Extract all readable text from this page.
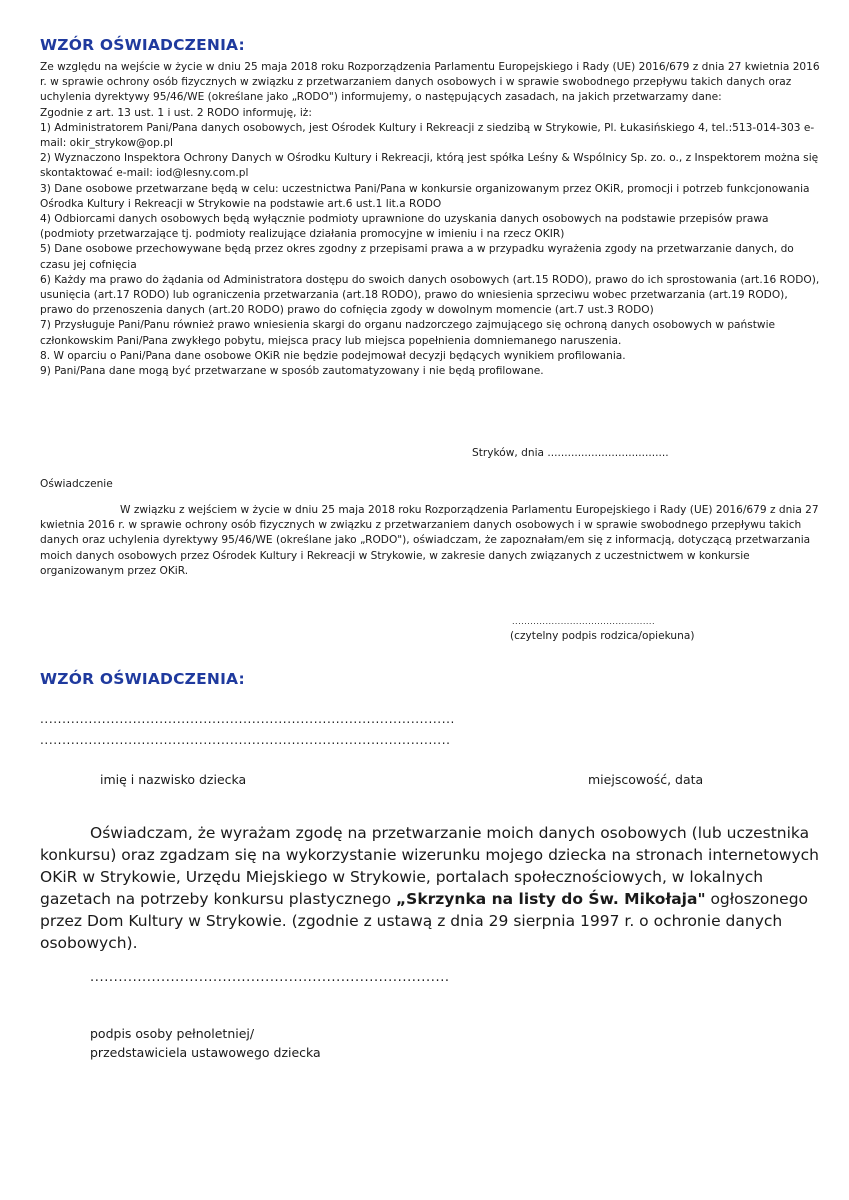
WZÓR OŚWIADCZENIA:

Ze względu na wejście w życie w dniu 25 maja 2018 roku Rozporządzenia Parlamentu Europejskiego i Rady (UE) 2016/679 z dnia 27 kwietnia 2016 r. w sprawie ochrony osób fizycznych w związku z przetwarzaniem danych osobowych i w sprawie swobodnego przepływu takich danych oraz uchylenia dyrektywy 95/46/WE (określane jako „RODO") informujemy, o następujących zasadach, na jakich przetwarzamy dane:

Zgodnie z art. 13 ust. 1 i ust. 2 RODO informuję, iż:

1) Administratorem Pani/Pana danych osobowych, jest Ośrodek Kultury i Rekreacji z siedzibą w Strykowie, Pl. Łukasińskiego 4, tel.:513-014-303 e-mail: okir_strykow@op.pl

2) Wyznaczono Inspektora Ochrony Danych w Ośrodku Kultury i Rekreacji, którą jest spółka Leśny & Wspólnicy Sp. zo. o., z Inspektorem można się skontaktować e-mail: iod@lesny.com.pl

3) Dane osobowe przetwarzane będą w celu: uczestnictwa Pani/Pana w konkursie organizowanym przez OKiR, promocji i potrzeb funkcjonowania Ośrodka Kultury i Rekreacji w Strykowie na podstawie art.6 ust.1 lit.a RODO

4) Odbiorcami danych osobowych będą wyłącznie podmioty uprawnione do uzyskania danych osobowych na podstawie przepisów prawa (podmioty przetwarzające tj. podmioty realizujące działania promocyjne w imieniu i na rzecz OKIR)

5) Dane osobowe przechowywane będą przez okres zgodny z przepisami prawa a w przypadku wyrażenia zgody na przetwarzanie danych, do czasu jej cofnięcia

6) Każdy ma prawo do żądania od Administratora dostępu do swoich danych osobowych (art.15 RODO), prawo do ich sprostowania (art.16 RODO), usunięcia (art.17 RODO) lub ograniczenia przetwarzania (art.18 RODO), prawo do wniesienia sprzeciwu wobec przetwarzania (art.19 RODO), prawo do przenoszenia danych (art.20 RODO) prawo do cofnięcia zgody w dowolnym momencie (art.7 ust.3 RODO)

7) Przysługuje Pani/Panu również prawo wniesienia skargi do organu nadzorczego zajmującego się ochroną danych osobowych w państwie członkowskim Pani/Pana zwykłego pobytu, miejsca pracy lub miejsca popełnienia domniemanego naruszenia.

8. W oparciu o Pani/Pana dane osobowe OKiR nie będzie podejmował decyzji będących wynikiem profilowania.

9) Pani/Pana dane mogą być przetwarzane w sposób zautomatyzowany i nie będą profilowane.

Stryków, dnia ....................................
Oświadczenie

W związku z wejściem w życie w dniu 25 maja 2018 roku Rozporządzenia Parlamentu Europejskiego i Rady (UE) 2016/679 z dnia 27 kwietnia 2016 r. w sprawie ochrony osób fizycznych w związku z przetwarzaniem danych osobowych i w sprawie swobodnego przepływu takich danych oraz uchylenia dyrektywy 95/46/WE (określane jako „RODO"), oświadczam, że zapoznałam/em się z informacją, dotyczącą przetwarzania moich danych osobowych przez Ośrodek Kultury i Rekreacji w Strykowie, w zakresie danych związanych z uczestnictwem w konkursie organizowanym przez OKiR.

...............................................
(czytelny podpis rodzica/opiekuna)
WZÓR OŚWIADCZENIA:
..............................................................................................
.............................................................................................
imię i nazwisko dziecka	miejscowość, data

Oświadczam, że wyrażam zgodę na przetwarzanie moich danych osobowych (lub uczestnika konkursu) oraz zgadzam się na wykorzystanie wizerunku mojego dziecka na stronach internetowych OKiR w Strykowie, Urzędu Miejskiego w Strykowie, portalach społecznościowych, w lokalnych gazetach na potrzeby konkursu plastycznego „Skrzynka na listy do Św. Mikołaja" ogłoszonego przez Dom Kultury w Strykowie. (zgodnie z ustawą z dnia 29 sierpnia 1997 r. o ochronie danych osobowych).

............................................................................

podpis osoby pełnoletniej/
przedstawiciela ustawowego dziecka
